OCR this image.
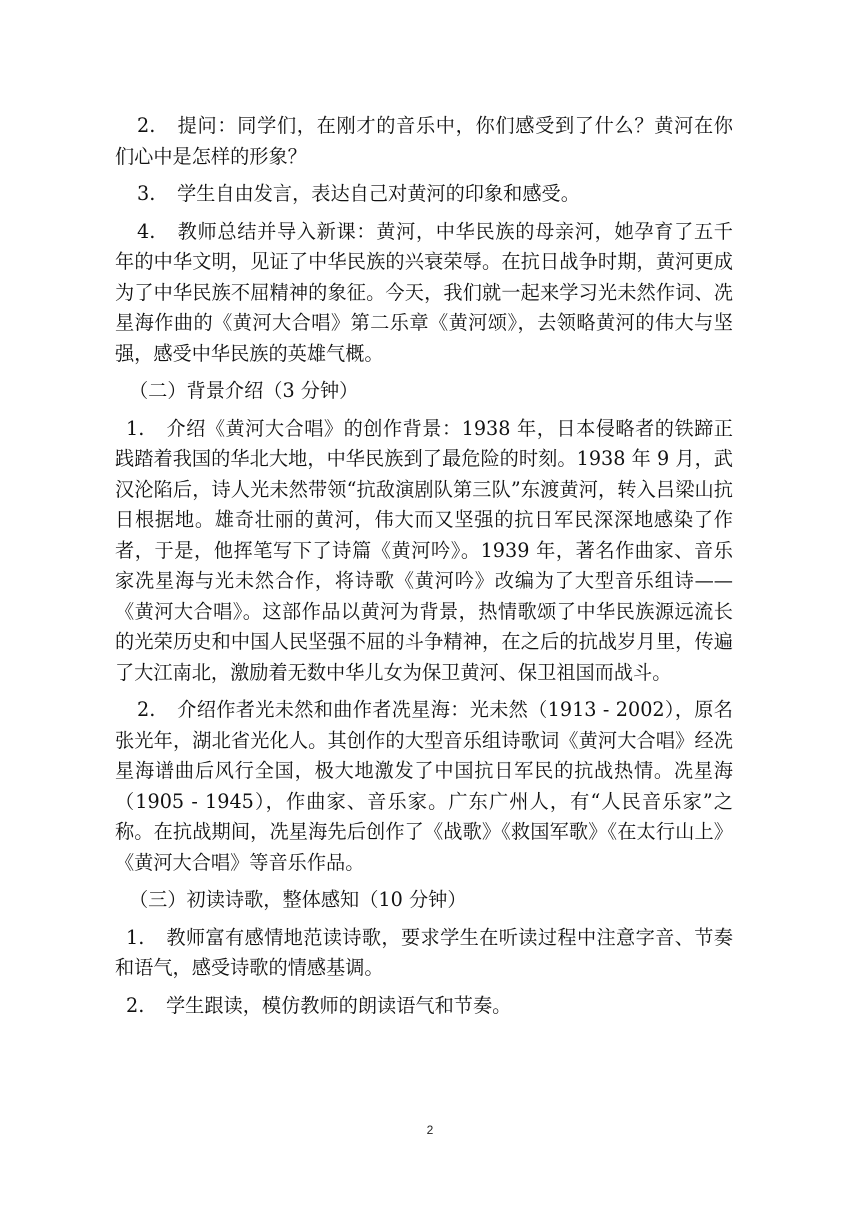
2. 提问：同学们，在刚才的音乐中，你们感受到了什么？黄河在你们心中是怎样的形象？

3. 学生自由发言，表达自己对黄河的印象和感受。

4. 教师总结并导入新课：黄河，中华民族的母亲河，她孕育了五千年的中华文明，见证了中华民族的兴衰荣辱。在抗日战争时期，黄河更成为了中华民族不屈精神的象征。今天，我们就一起来学习光未然作词、冼星海作曲的《黄河大合唱》第二乐章《黄河颂》，去领略黄河的伟大与坚强，感受中华民族的英雄气概。

（二）背景介绍（3 分钟）

1. 介绍《黄河大合唱》的创作背景：1938 年，日本侵略者的铁蹄正践踏着我国的华北大地，中华民族到了最危险的时刻。1938 年 9 月，武汉沦陷后，诗人光未然带领“抗敌演剧队第三队”东渡黄河，转入吕梁山抗日根据地。雄奇壮丽的黄河，伟大而又坚强的抗日军民深深地感染了作者，于是，他挥笔写下了诗篇《黄河吟》。1939 年，著名作曲家、音乐家冼星海与光未然合作，将诗歌《黄河吟》改编为了大型音乐组诗——《黄河大合唱》。这部作品以黄河为背景，热情歌颂了中华民族源远流长的光荣历史和中国人民坚强不屈的斗争精神，在之后的抗战岁月里，传遍了大江南北，激励着无数中华儿女为保卫黄河、保卫祖国而战斗。

2. 介绍作者光未然和曲作者冼星海：光未然（1913 - 2002），原名张光年，湖北省光化人。其创作的大型音乐组诗歌词《黄河大合唱》经冼星海谱曲后风行全国，极大地激发了中国抗日军民的抗战热情。冼星海（1905 - 1945），作曲家、音乐家。广东广州人，有“人民音乐家”之称。在抗战期间，冼星海先后创作了《战歌》《救国军歌》《在太行山上》《黄河大合唱》等音乐作品。

（三）初读诗歌，整体感知（10 分钟）

1. 教师富有感情地范读诗歌，要求学生在听读过程中注意字音、节奏和语气，感受诗歌的情感基调。

2. 学生跟读，模仿教师的朗读语气和节奏。

2
